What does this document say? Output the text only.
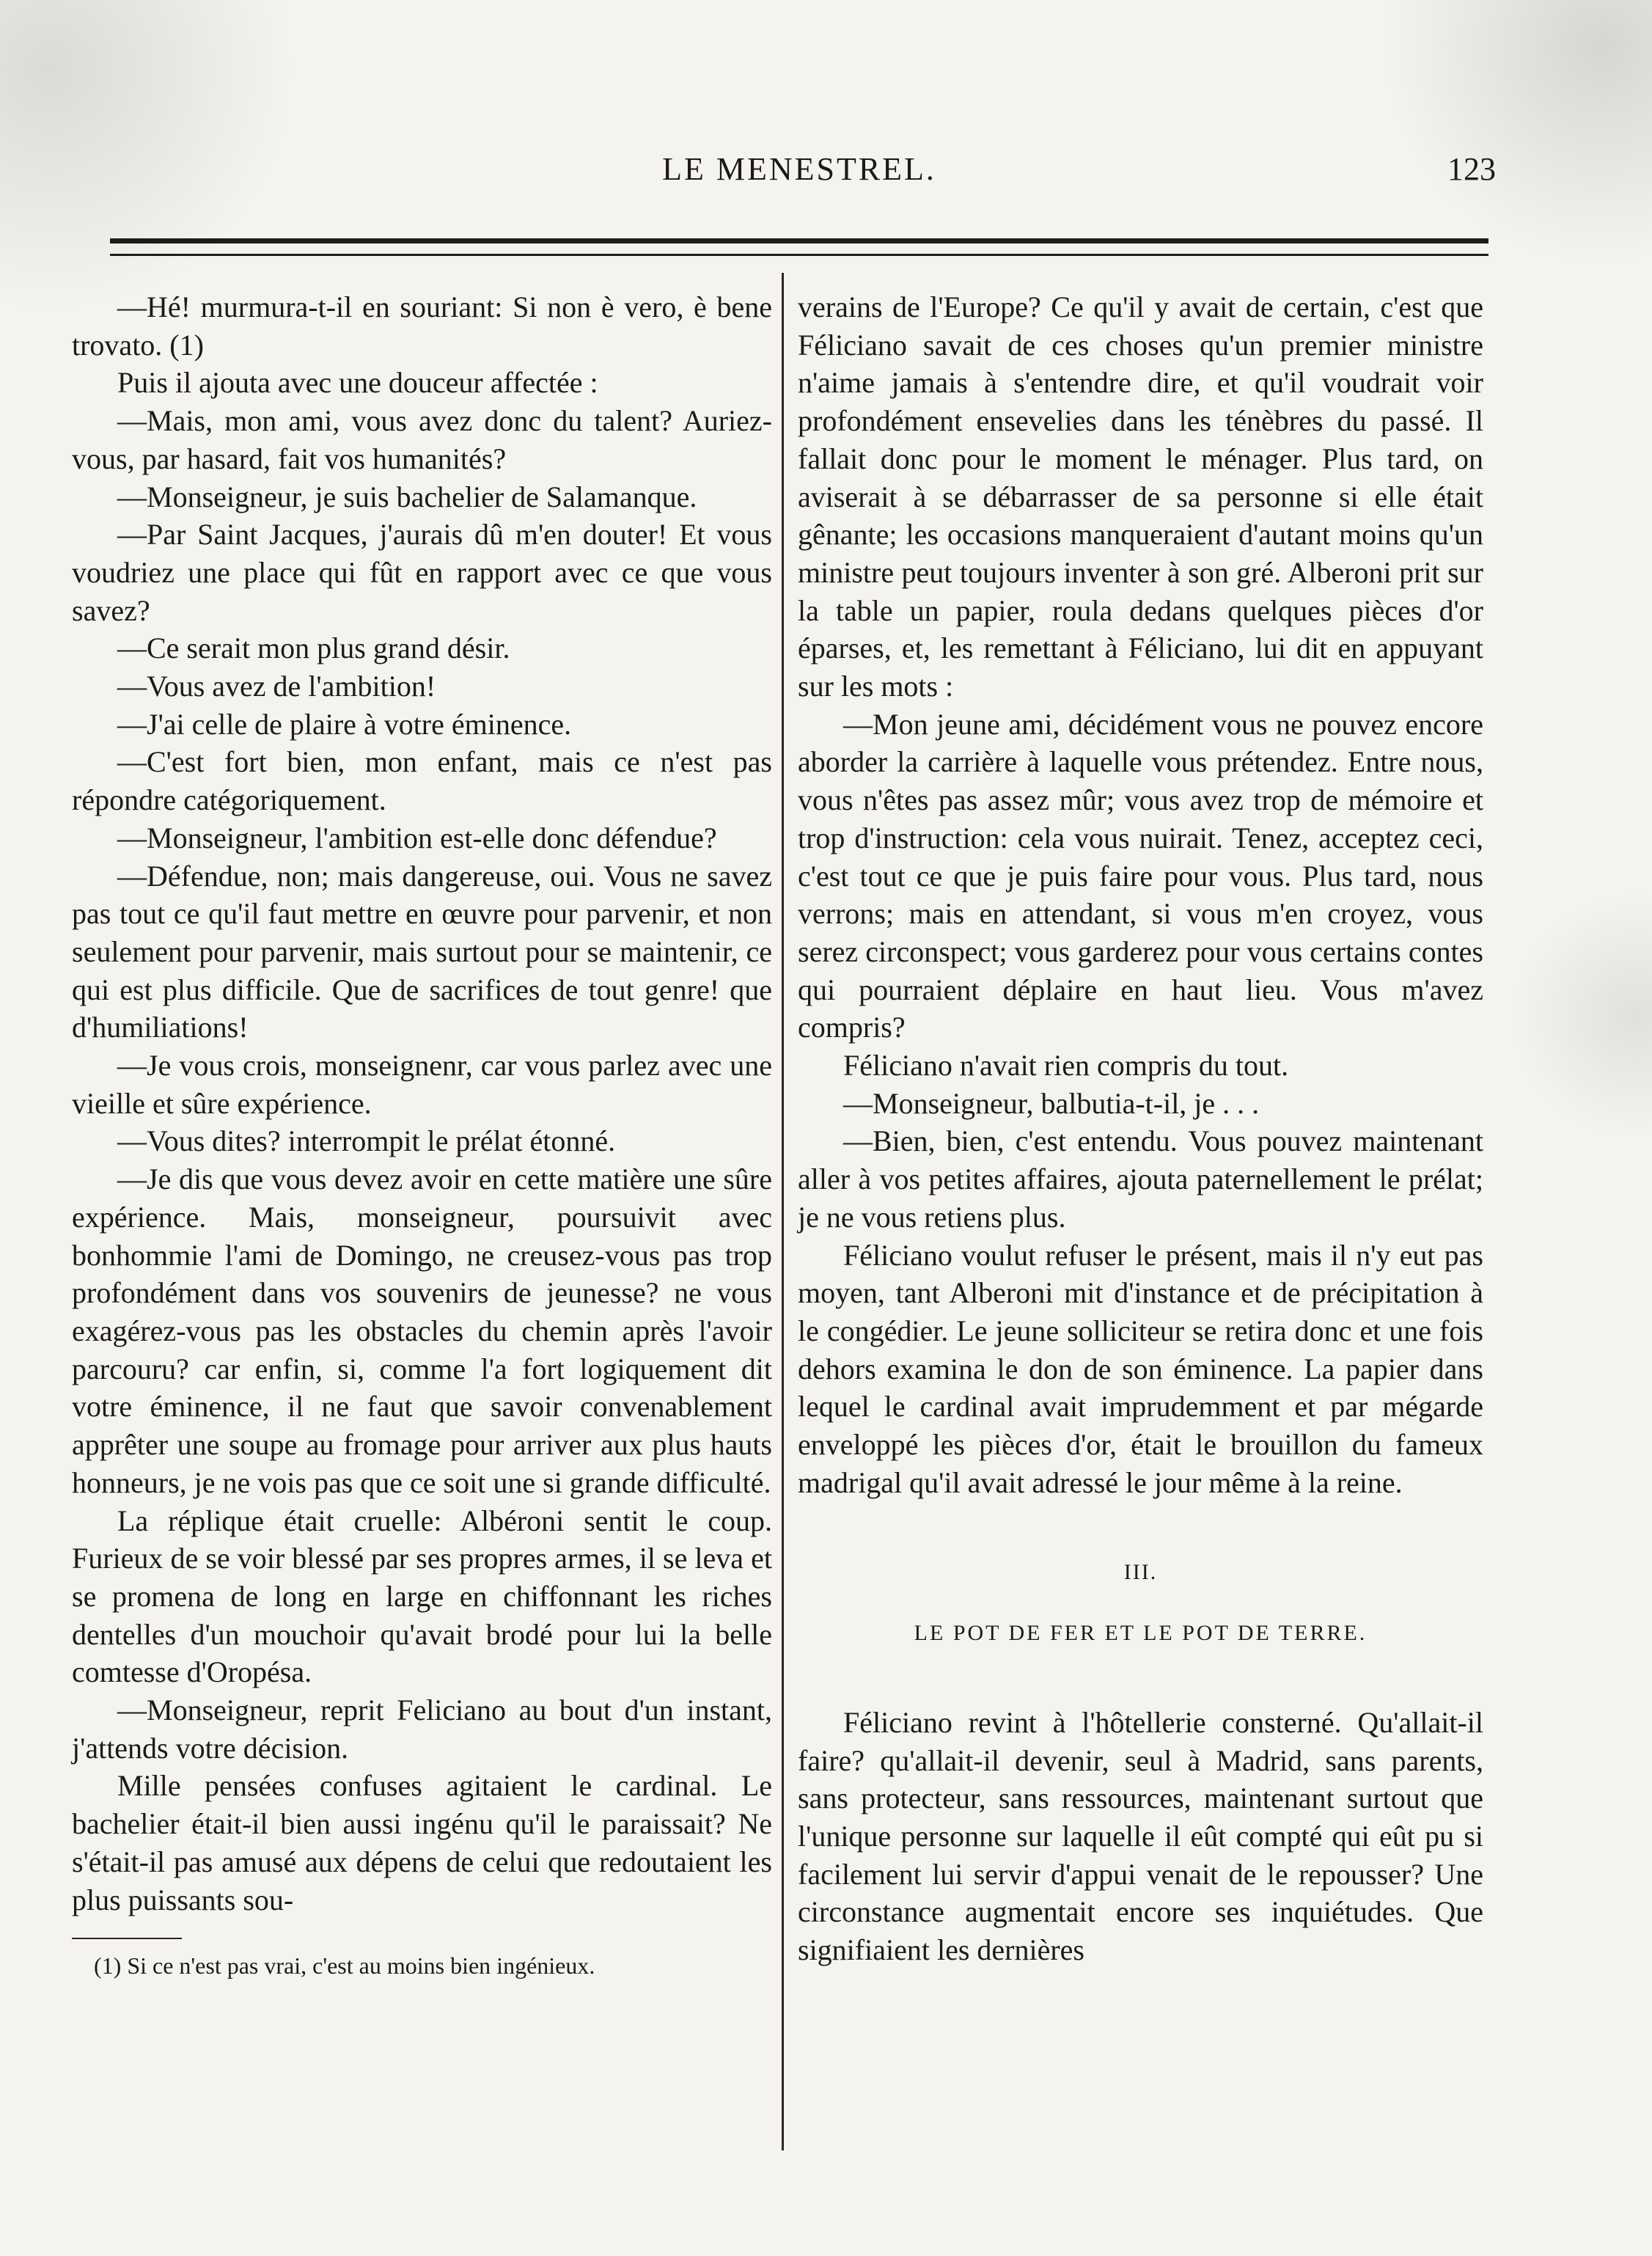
LE MENESTREL.	123

—Hé! murmura-t-il en souriant: Si non è vero, è bene trovato. (1)

Puis il ajouta avec une douceur affectée :

—Mais, mon ami, vous avez donc du talent? Auriez-vous, par hasard, fait vos humanités?

—Monseigneur, je suis bachelier de Salamanque.

—Par Saint Jacques, j'aurais dû m'en douter! Et vous voudriez une place qui fût en rapport avec ce que vous savez?

—Ce serait mon plus grand désir.

—Vous avez de l'ambition!

—J'ai celle de plaire à votre éminence.

—C'est fort bien, mon enfant, mais ce n'est pas répondre catégoriquement.

—Monseigneur, l'ambition est-elle donc défendue?

—Défendue, non; mais dangereuse, oui. Vous ne savez pas tout ce qu'il faut mettre en œuvre pour parvenir, et non seulement pour parvenir, mais surtout pour se maintenir, ce qui est plus difficile. Que de sacrifices de tout genre! que d'humiliations!

—Je vous crois, monseignenr, car vous parlez avec une vieille et sûre expérience.

—Vous dites? interrompit le prélat étonné.

—Je dis que vous devez avoir en cette matière une sûre expérience. Mais, monseigneur, poursuivit avec bonhommie l'ami de Domingo, ne creusez-vous pas trop profondément dans vos souvenirs de jeunesse? ne vous exagérez-vous pas les obstacles du chemin après l'avoir parcouru? car enfin, si, comme l'a fort logiquement dit votre éminence, il ne faut que savoir convenablement apprêter une soupe au fromage pour arriver aux plus hauts honneurs, je ne vois pas que ce soit une si grande difficulté.

La réplique était cruelle: Albéroni sentit le coup. Furieux de se voir blessé par ses propres armes, il se leva et se promena de long en large en chiffonnant les riches dentelles d'un mouchoir qu'avait brodé pour lui la belle comtesse d'Oropésa.

—Monseigneur, reprit Feliciano au bout d'un instant, j'attends votre décision.

Mille pensées confuses agitaient le cardinal. Le bachelier était-il bien aussi ingénu qu'il le paraissait? Ne s'était-il pas amusé aux dépens de celui que redoutaient les plus puissants sou-

(1) Si ce n'est pas vrai, c'est au moins bien ingénieux.

verains de l'Europe? Ce qu'il y avait de certain, c'est que Féliciano savait de ces choses qu'un premier ministre n'aime jamais à s'entendre dire, et qu'il voudrait voir profondément ensevelies dans les ténèbres du passé. Il fallait donc pour le moment le ménager. Plus tard, on aviserait à se débarrasser de sa personne si elle était gênante; les occasions manqueraient d'autant moins qu'un ministre peut toujours inventer à son gré. Alberoni prit sur la table un papier, roula dedans quelques pièces d'or éparses, et, les remettant à Féliciano, lui dit en appuyant sur les mots :

—Mon jeune ami, décidément vous ne pouvez encore aborder la carrière à laquelle vous prétendez. Entre nous, vous n'êtes pas assez mûr; vous avez trop de mémoire et trop d'instruction: cela vous nuirait. Tenez, acceptez ceci, c'est tout ce que je puis faire pour vous. Plus tard, nous verrons; mais en attendant, si vous m'en croyez, vous serez circonspect; vous garderez pour vous certains contes qui pourraient déplaire en haut lieu. Vous m'avez compris?

Féliciano n'avait rien compris du tout.

—Monseigneur, balbutia-t-il, je . . .

—Bien, bien, c'est entendu. Vous pouvez maintenant aller à vos petites affaires, ajouta paternellement le prélat; je ne vous retiens plus.

Féliciano voulut refuser le présent, mais il n'y eut pas moyen, tant Alberoni mit d'instance et de précipitation à le congédier. Le jeune solliciteur se retira donc et une fois dehors examina le don de son éminence. La papier dans lequel le cardinal avait imprudemment et par mégarde enveloppé les pièces d'or, était le brouillon du fameux madrigal qu'il avait adressé le jour même à la reine.

III.
LE POT DE FER ET LE POT DE TERRE.

Féliciano revint à l'hôtellerie consterné. Qu'allait-il faire? qu'allait-il devenir, seul à Madrid, sans parents, sans protecteur, sans ressources, maintenant surtout que l'unique personne sur laquelle il eût compté qui eût pu si facilement lui servir d'appui venait de le repousser? Une circonstance augmentait encore ses inquiétudes. Que signifiaient les dernières
